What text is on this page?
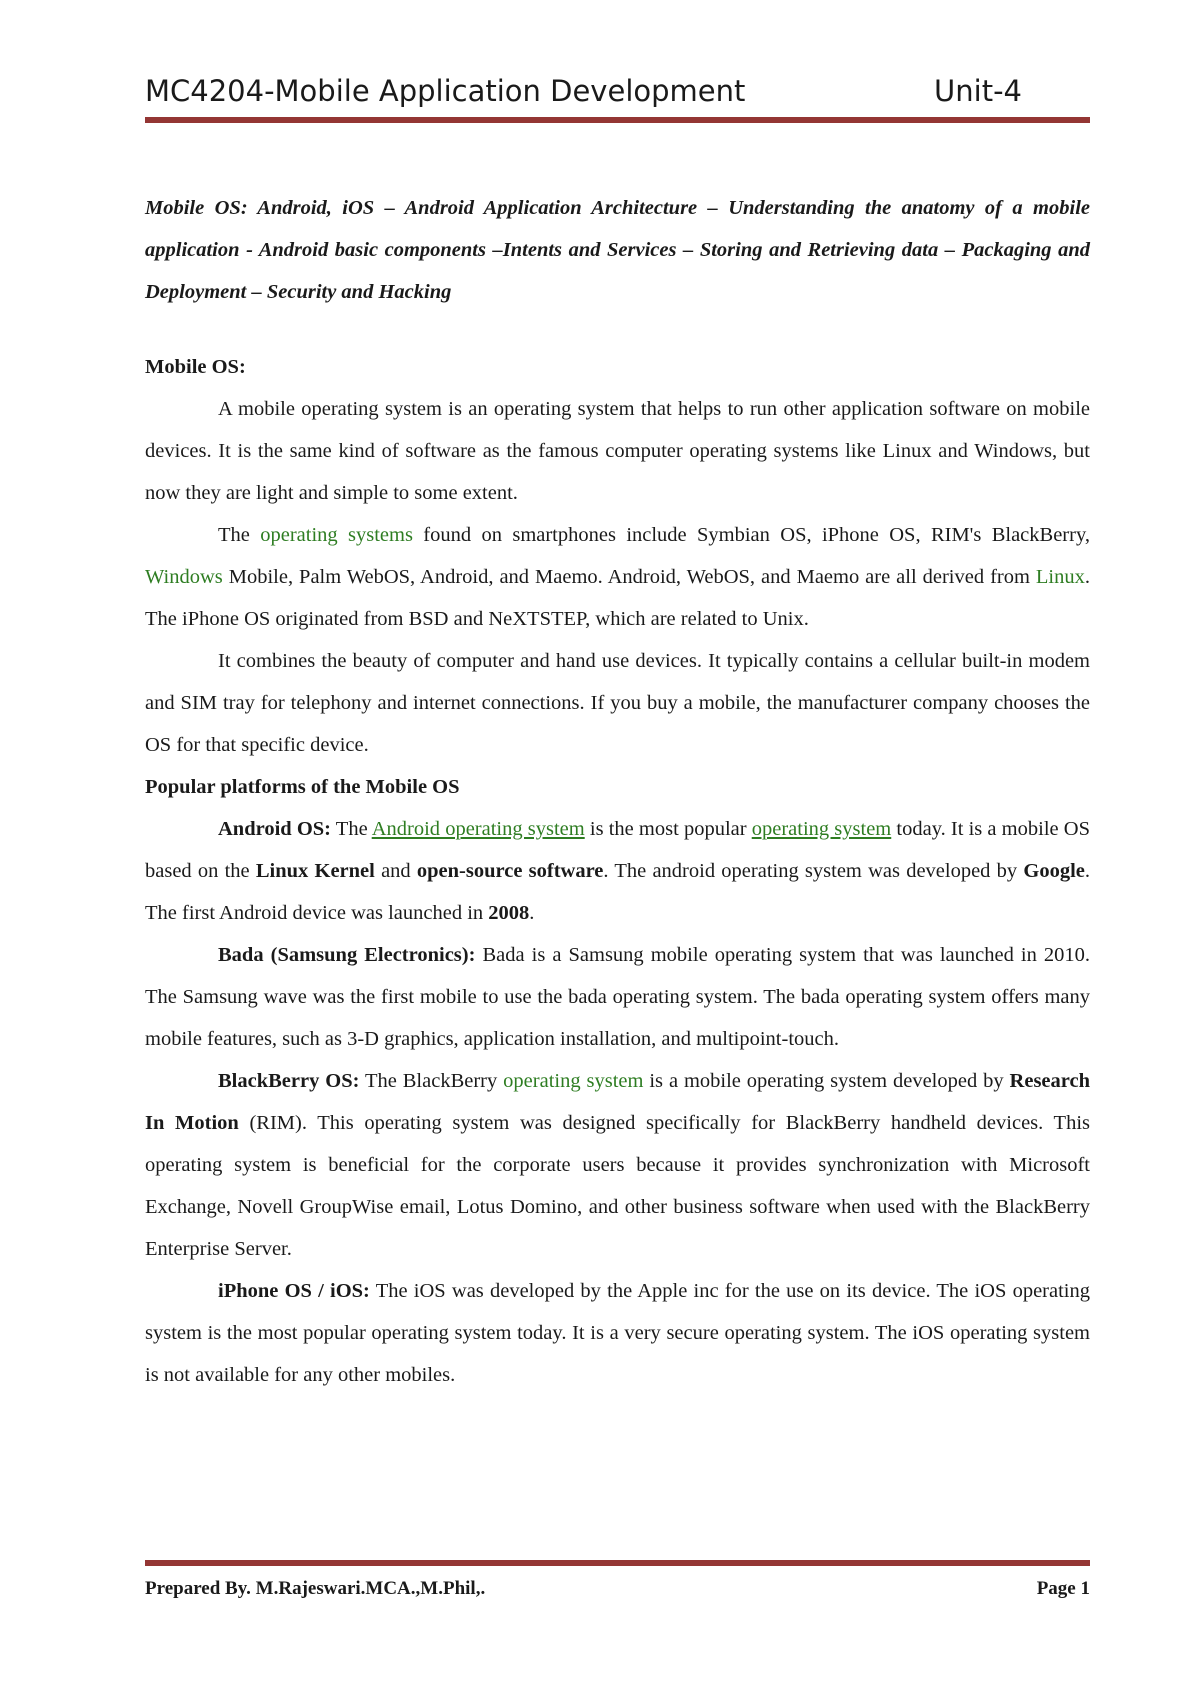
MC4204-Mobile Application Development	Unit-4

Mobile OS: Android, iOS – Android Application Architecture – Understanding the anatomy of a mobile application - Android basic components –Intents and Services – Storing and Retrieving data – Packaging and Deployment – Security and Hacking

Mobile OS:

A mobile operating system is an operating system that helps to run other application software on mobile devices. It is the same kind of software as the famous computer operating systems like Linux and Windows, but now they are light and simple to some extent.

The operating systems found on smartphones include Symbian OS, iPhone OS, RIM's BlackBerry, Windows Mobile, Palm WebOS, Android, and Maemo. Android, WebOS, and Maemo are all derived from Linux. The iPhone OS originated from BSD and NeXTSTEP, which are related to Unix.

It combines the beauty of computer and hand use devices. It typically contains a cellular built-in modem and SIM tray for telephony and internet connections. If you buy a mobile, the manufacturer company chooses the OS for that specific device.

Popular platforms of the Mobile OS

Android OS: The Android operating system is the most popular operating system today. It is a mobile OS based on the Linux Kernel and open-source software. The android operating system was developed by Google. The first Android device was launched in 2008.

Bada (Samsung Electronics): Bada is a Samsung mobile operating system that was launched in 2010. The Samsung wave was the first mobile to use the bada operating system. The bada operating system offers many mobile features, such as 3-D graphics, application installation, and multipoint-touch.

BlackBerry OS: The BlackBerry operating system is a mobile operating system developed by Research In Motion (RIM). This operating system was designed specifically for BlackBerry handheld devices. This operating system is beneficial for the corporate users because it provides synchronization with Microsoft Exchange, Novell GroupWise email, Lotus Domino, and other business software when used with the BlackBerry Enterprise Server.

iPhone OS / iOS: The iOS was developed by the Apple inc for the use on its device. The iOS operating system is the most popular operating system today. It is a very secure operating system. The iOS operating system is not available for any other mobiles.

Prepared By. M.Rajeswari.MCA.,M.Phil,.	Page 1
